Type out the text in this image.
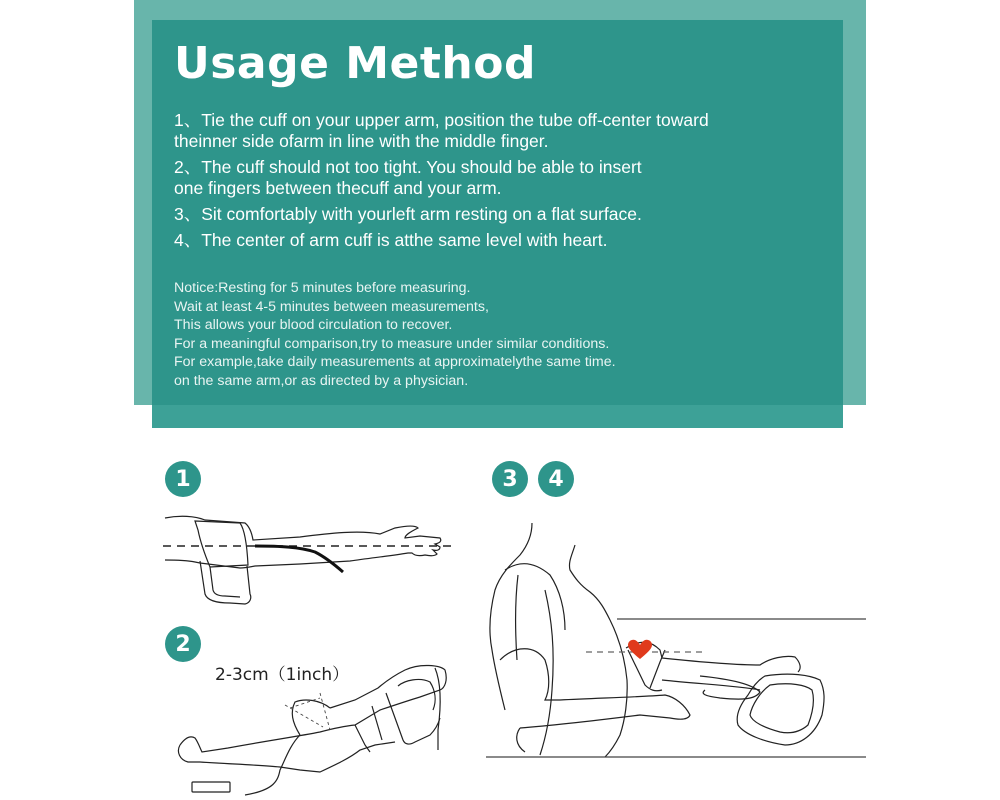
Usage Method
1、Tie the cuff on your upper arm, position the tube off-center toward
theinner side ofarm in line with the middle finger.
2、The cuff should not too tight. You should be able to insert
one fingers between thecuff and your arm.
3、Sit comfortably with yourleft arm resting on a flat surface.
4、The center of arm cuff is atthe same level with heart.
Notice:Resting for 5 minutes before measuring.
Wait at least 4-5 minutes between measurements,
This allows your blood circulation to recover.
For a meaningful comparison,try to measure under similar conditions.
For example,take daily measurements at approximatelythe same time.
on the same arm,or as directed by a physician.
1
2
3	4
2-3cm（1inch）
